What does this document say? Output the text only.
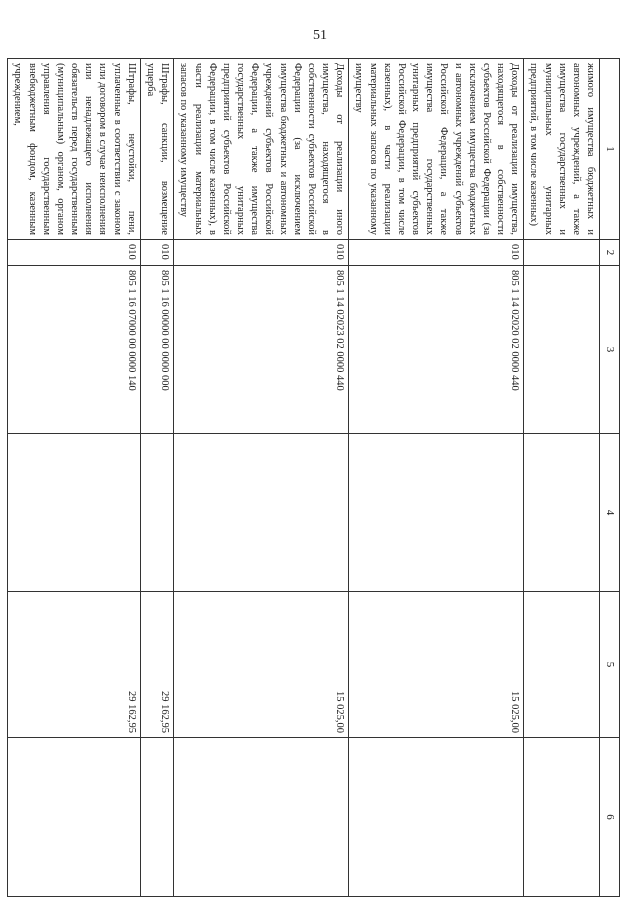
51
1	2	3	4	5	6
жимого имущества бюджетных и автономных учреждений, а также имущества государственных и муниципальных унитарных предприятий, в том числе казенных)					
Доходы от реализации имущества, находящегося в собственности субъектов Российской Федерации (за исключением имущества бюджетных и автономных учреждений субъектов Российской Федерации, а также имущества государственных унитарных предприятий субъектов Российской Федерации, в том числе казенных), в части реализации материальных запасов по указанному имуществу	010	805 1 14 02020 02 0000 440		15 025,00	
Доходы от реализации иного имущества, находящегося в собственности субъектов Российской Федерации (за исключением имущества бюджетных и автономных учреждений субъектов Российской Федерации, а также имущества государственных унитарных предприятий субъектов Российской Федерации, в том числе казенных), в части реализации материальных запасов по указанному имуществу	010	805 1 14 02023 02 0000 440		15 025,00	
Штрафы, санкции, возмещение ущерба	010	805 1 16 00000 00 0000 000		29 162,95	
Штрафы, неустойки, пени, уплаченные в соответствии с законом или договором в случае неисполнения или ненадлежащего исполнения обязательств перед государственным (муниципальным) органом, органом управления государственным внебюджетным фондом, казенным учреждением,	010	805 1 16 07000 00 0000 140		29 162,95	
